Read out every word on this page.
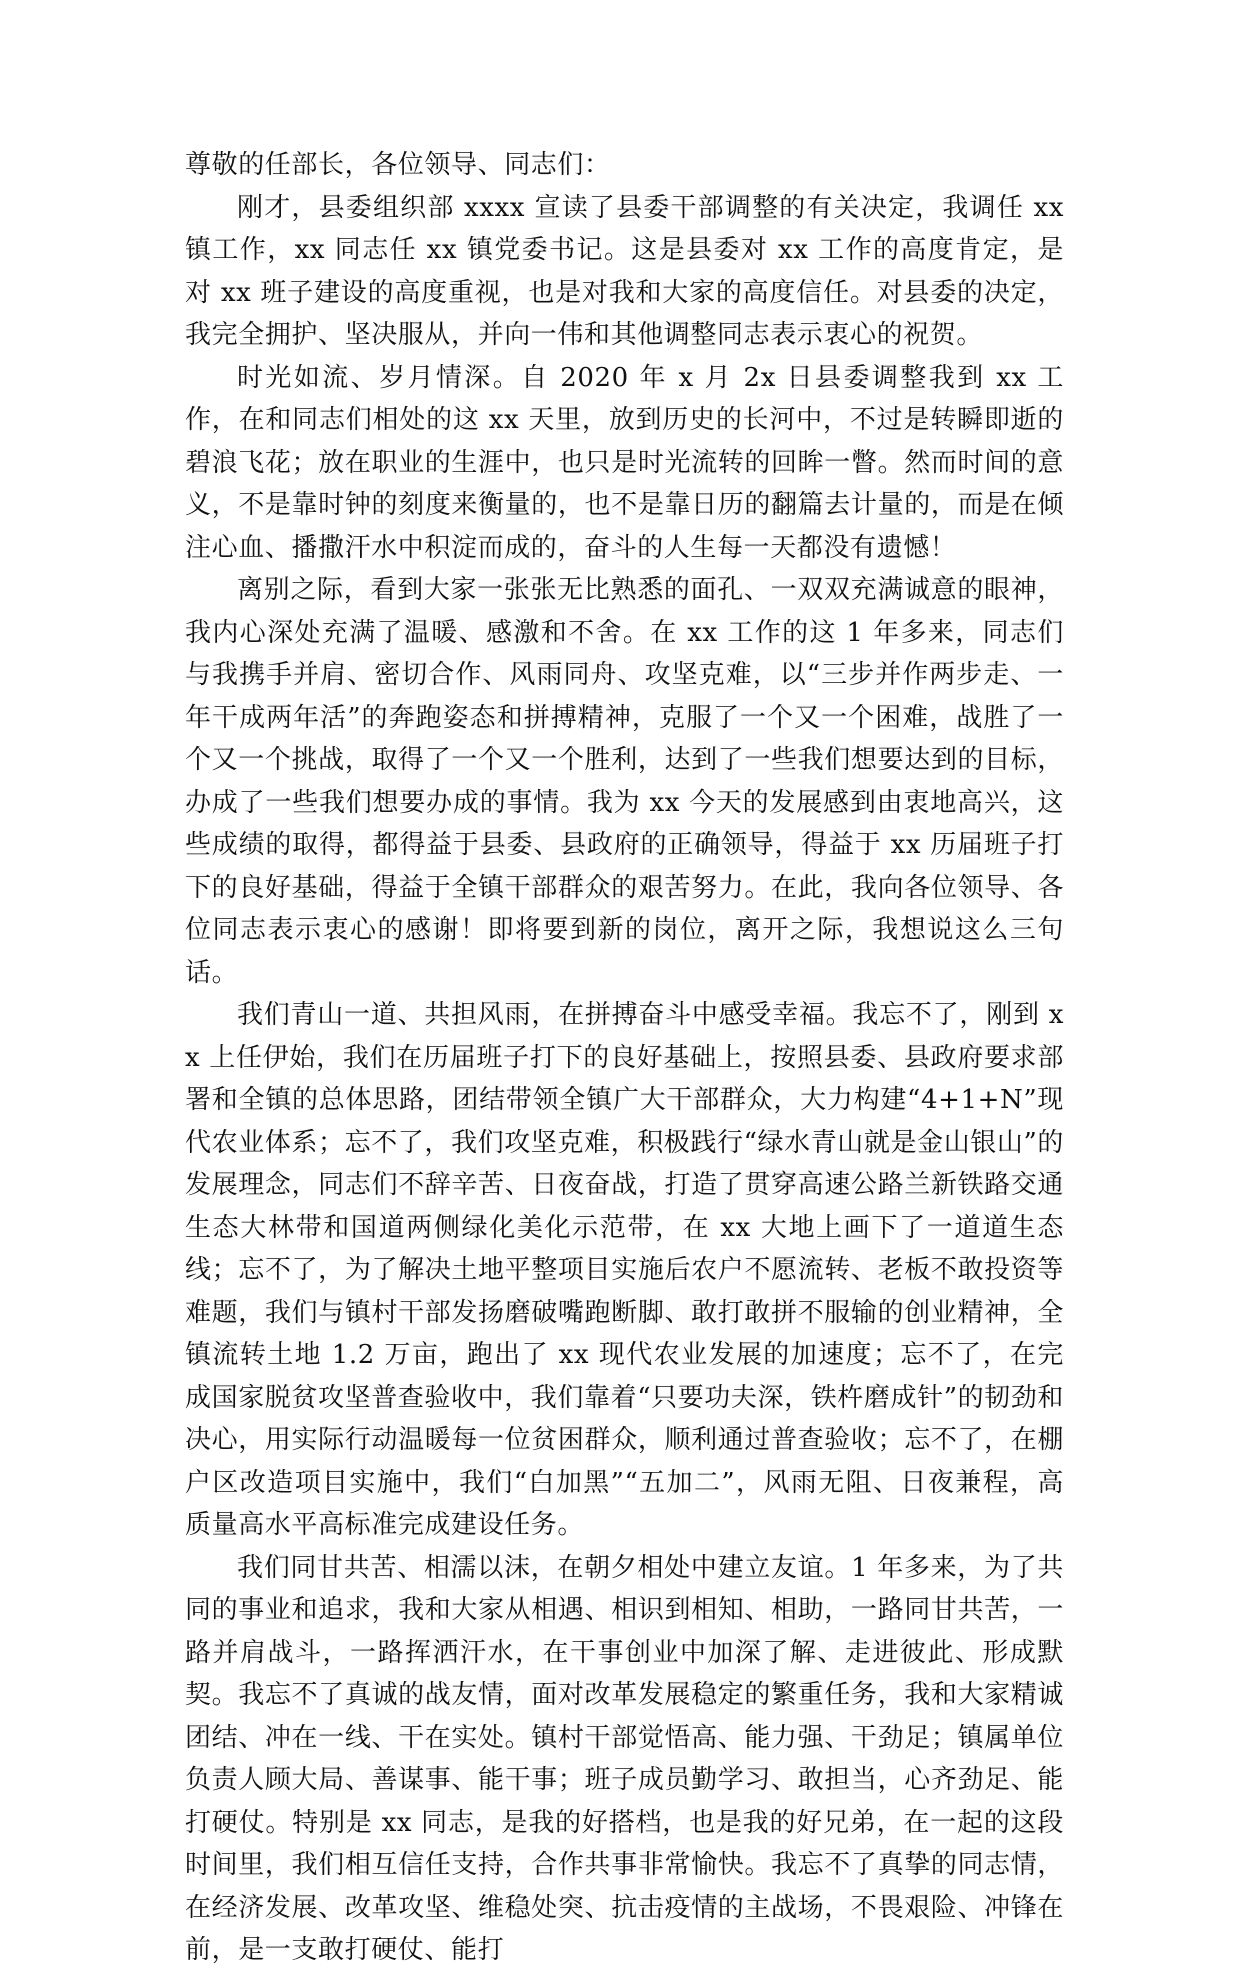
尊敬的任部长，各位领导、同志们：

刚才，县委组织部 xxxx 宣读了县委干部调整的有关决定，我调任 xx 镇工作，xx 同志任 xx 镇党委书记。这是县委对 xx 工作的高度肯定，是对 xx 班子建设的高度重视，也是对我和大家的高度信任。对县委的决定，我完全拥护、坚决服从，并向一伟和其他调整同志表示衷心的祝贺。

时光如流、岁月情深。自 2020 年 x 月 2x 日县委调整我到 xx 工作，在和同志们相处的这 xx 天里，放到历史的长河中，不过是转瞬即逝的碧浪飞花；放在职业的生涯中，也只是时光流转的回眸一瞥。然而时间的意义，不是靠时钟的刻度来衡量的，也不是靠日历的翻篇去计量的，而是在倾注心血、播撒汗水中积淀而成的，奋斗的人生每一天都没有遗憾！

离别之际，看到大家一张张无比熟悉的面孔、一双双充满诚意的眼神，我内心深处充满了温暖、感激和不舍。在 xx 工作的这 1 年多来，同志们与我携手并肩、密切合作、风雨同舟、攻坚克难，以“三步并作两步走、一年干成两年活”的奔跑姿态和拼搏精神，克服了一个又一个困难，战胜了一个又一个挑战，取得了一个又一个胜利，达到了一些我们想要达到的目标，办成了一些我们想要办成的事情。我为 xx 今天的发展感到由衷地高兴，这些成绩的取得，都得益于县委、县政府的正确领导，得益于 xx 历届班子打下的良好基础，得益于全镇干部群众的艰苦努力。在此，我向各位领导、各位同志表示衷心的感谢！即将要到新的岗位，离开之际，我想说这么三句话。

我们青山一道、共担风雨，在拼搏奋斗中感受幸福。我忘不了，刚到 xx 上任伊始，我们在历届班子打下的良好基础上，按照县委、县政府要求部署和全镇的总体思路，团结带领全镇广大干部群众，大力构建“4+1+N”现代农业体系；忘不了，我们攻坚克难，积极践行“绿水青山就是金山银山”的发展理念，同志们不辞辛苦、日夜奋战，打造了贯穿高速公路兰新铁路交通生态大林带和国道两侧绿化美化示范带，在 xx 大地上画下了一道道生态线；忘不了，为了解决土地平整项目实施后农户不愿流转、老板不敢投资等难题，我们与镇村干部发扬磨破嘴跑断脚、敢打敢拼不服输的创业精神，全镇流转土地 1.2 万亩，跑出了 xx 现代农业发展的加速度；忘不了，在完成国家脱贫攻坚普查验收中，我们靠着“只要功夫深，铁杵磨成针”的韧劲和决心，用实际行动温暖每一位贫困群众，顺利通过普查验收；忘不了，在棚户区改造项目实施中，我们“白加黑”“五加二”，风雨无阻、日夜兼程，高质量高水平高标准完成建设任务。

我们同甘共苦、相濡以沫，在朝夕相处中建立友谊。1 年多来，为了共同的事业和追求，我和大家从相遇、相识到相知、相助，一路同甘共苦，一路并肩战斗，一路挥洒汗水，在干事创业中加深了解、走进彼此、形成默契。我忘不了真诚的战友情，面对改革发展稳定的繁重任务，我和大家精诚团结、冲在一线、干在实处。镇村干部觉悟高、能力强、干劲足；镇属单位负责人顾大局、善谋事、能干事；班子成员勤学习、敢担当，心齐劲足、能打硬仗。特别是 xx 同志，是我的好搭档，也是我的好兄弟，在一起的这段时间里，我们相互信任支持，合作共事非常愉快。我忘不了真挚的同志情，在经济发展、改革攻坚、维稳处突、抗击疫情的主战场，不畏艰险、冲锋在前，是一支敢打硬仗、能打
